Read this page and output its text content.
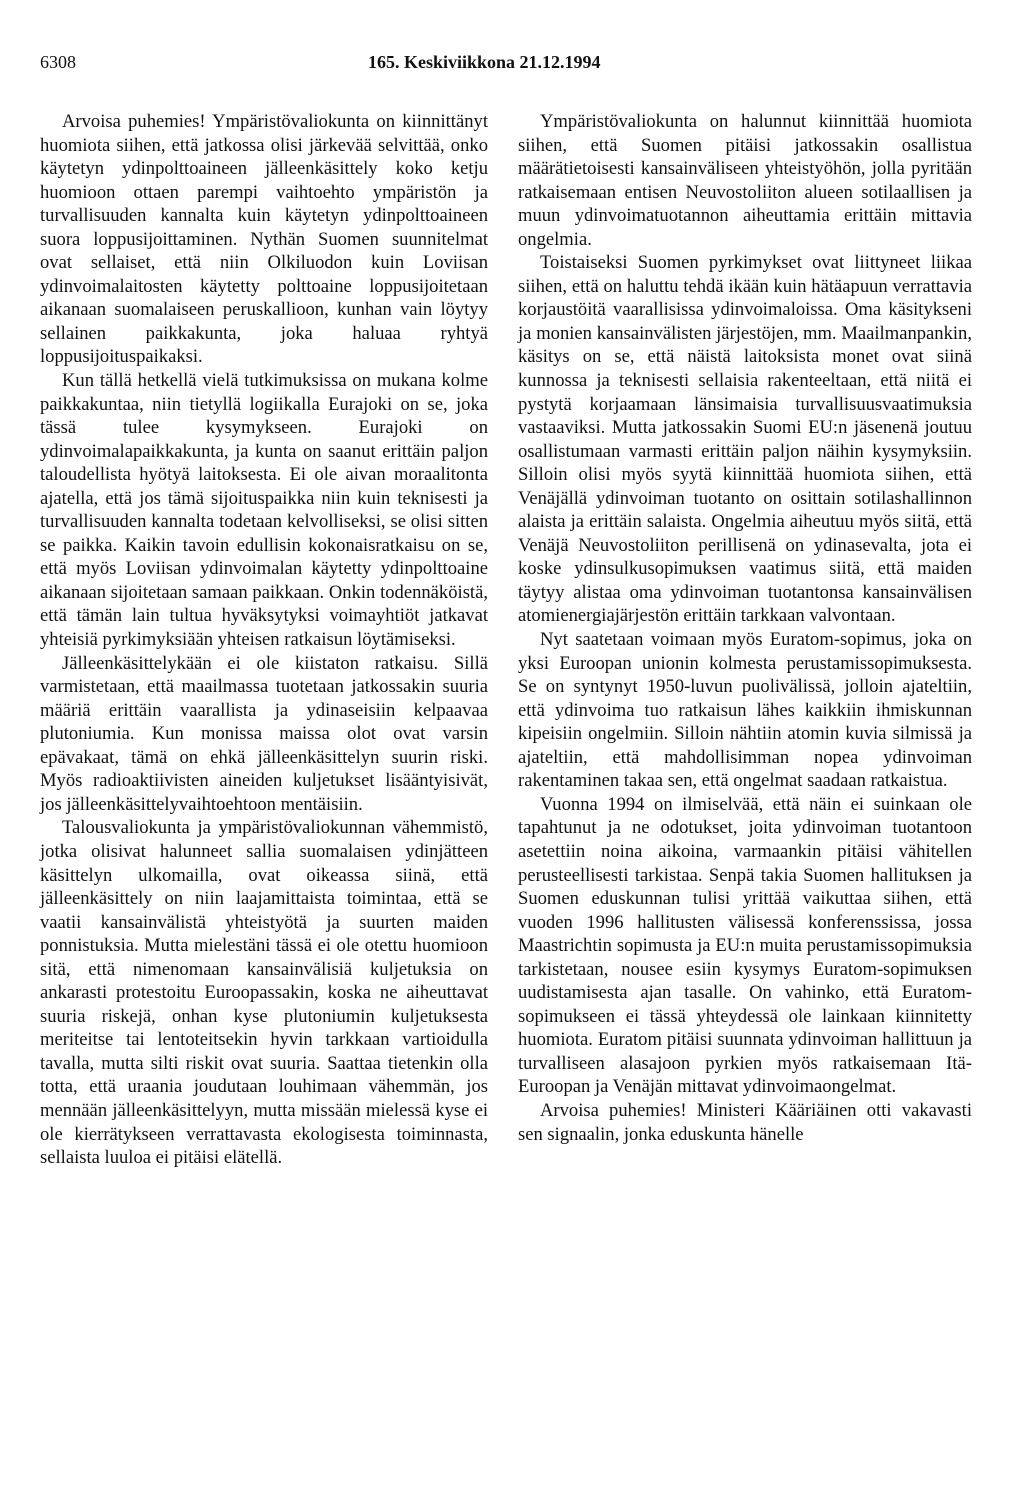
6308	165. Keskiviikkona 21.12.1994

Arvoisa puhemies! Ympäristövaliokunta on kiinnittänyt huomiota siihen, että jatkossa olisi järkevää selvittää, onko käytetyn ydinpolttoaineen jälleenkäsittely koko ketju huomioon ottaen parempi vaihtoehto ympäristön ja turvallisuuden kannalta kuin käytetyn ydinpolttoaineen suora loppusijoittaminen. Nythän Suomen suunnitelmat ovat sellaiset, että niin Olkiluodon kuin Loviisan ydinvoimalaitosten käytetty polttoaine loppusijoitetaan aikanaan suomalaiseen peruskallioon, kunhan vain löytyy sellainen paikkakunta, joka haluaa ryhtyä loppusijoituspaikaksi.

Kun tällä hetkellä vielä tutkimuksissa on mukana kolme paikkakuntaa, niin tietyllä logiikalla Eurajoki on se, joka tässä tulee kysymykseen. Eurajoki on ydinvoimalapaikkakunta, ja kunta on saanut erittäin paljon taloudellista hyötyä laitoksesta. Ei ole aivan moraalitonta ajatella, että jos tämä sijoituspaikka niin kuin teknisesti ja turvallisuuden kannalta todetaan kelvolliseksi, se olisi sitten se paikka. Kaikin tavoin edullisin kokonaisratkaisu on se, että myös Loviisan ydinvoimalan käytetty ydinpolttoaine aikanaan sijoitetaan samaan paikkaan. Onkin todennäköistä, että tämän lain tultua hyväksytyksi voimayhtiöt jatkavat yhteisiä pyrkimyksiään yhteisen ratkaisun löytämiseksi.

Jälleenkäsittelykään ei ole kiistaton ratkaisu. Sillä varmistetaan, että maailmassa tuotetaan jatkossakin suuria määriä erittäin vaarallista ja ydinaseisiin kelpaavaa plutoniumia. Kun monissa maissa olot ovat varsin epävakaat, tämä on ehkä jälleenkäsittelyn suurin riski. Myös radioaktiivisten aineiden kuljetukset lisääntyisivät, jos jälleenkäsittelyvaihtoehtoon mentäisiin.

Talousvaliokunta ja ympäristövaliokunnan vähemmistö, jotka olisivat halunneet sallia suomalaisen ydinjätteen käsittelyn ulkomailla, ovat oikeassa siinä, että jälleenkäsittely on niin laajamittaista toimintaa, että se vaatii kansainvälistä yhteistyötä ja suurten maiden ponnistuksia. Mutta mielestäni tässä ei ole otettu huomioon sitä, että nimenomaan kansainvälisiä kuljetuksia on ankarasti protestoitu Euroopassakin, koska ne aiheuttavat suuria riskejä, onhan kyse plutoniumin kuljetuksesta meriteitse tai lentoteitsekin hyvin tarkkaan vartioidulla tavalla, mutta silti riskit ovat suuria. Saattaa tietenkin olla totta, että uraania joudutaan louhimaan vähemmän, jos mennään jälleenkäsittelyyn, mutta missään mielessä kyse ei ole kierrätykseen verrattavasta ekologisesta toiminnasta, sellaista luuloa ei pitäisi elätellä.

Ympäristövaliokunta on halunnut kiinnittää huomiota siihen, että Suomen pitäisi jatkossakin osallistua määrätietoisesti kansainväliseen yhteistyöhön, jolla pyritään ratkaisemaan entisen Neuvostoliiton alueen sotilaallisen ja muun ydinvoimatuotannon aiheuttamia erittäin mittavia ongelmia.

Toistaiseksi Suomen pyrkimykset ovat liittyneet liikaa siihen, että on haluttu tehdä ikään kuin hätäapuun verrattavia korjaustöitä vaarallisissa ydinvoimaloissa. Oma käsitykseni ja monien kansainvälisten järjestöjen, mm. Maailmanpankin, käsitys on se, että näistä laitoksista monet ovat siinä kunnossa ja teknisesti sellaisia rakenteeltaan, että niitä ei pystytä korjaamaan länsimaisia turvallisuusvaatimuksia vastaaviksi. Mutta jatkossakin Suomi EU:n jäsenenä joutuu osallistumaan varmasti erittäin paljon näihin kysymyksiin. Silloin olisi myös syytä kiinnittää huomiota siihen, että Venäjällä ydinvoiman tuotanto on osittain sotilashallinnon alaista ja erittäin salaista. Ongelmia aiheutuu myös siitä, että Venäjä Neuvostoliiton perillisenä on ydinasevalta, jota ei koske ydinsulkusopimuksen vaatimus siitä, että maiden täytyy alistaa oma ydinvoiman tuotantonsa kansainvälisen atomienergiajärjestön erittäin tarkkaan valvontaan.

Nyt saatetaan voimaan myös Euratom-sopimus, joka on yksi Euroopan unionin kolmesta perustamissopimuksesta. Se on syntynyt 1950-luvun puolivälissä, jolloin ajateltiin, että ydinvoima tuo ratkaisun lähes kaikkiin ihmiskunnan kipeisiin ongelmiin. Silloin nähtiin atomin kuvia silmissä ja ajateltiin, että mahdollisimman nopea ydinvoiman rakentaminen takaa sen, että ongelmat saadaan ratkaistua.

Vuonna 1994 on ilmiselvää, että näin ei suinkaan ole tapahtunut ja ne odotukset, joita ydinvoiman tuotantoon asetettiin noina aikoina, varmaankin pitäisi vähitellen perusteellisesti tarkistaa. Senpä takia Suomen hallituksen ja Suomen eduskunnan tulisi yrittää vaikuttaa siihen, että vuoden 1996 hallitusten välisessä konferenssissa, jossa Maastrichtin sopimusta ja EU:n muita perustamissopimuksia tarkistetaan, nousee esiin kysymys Euratom-sopimuksen uudistamisesta ajan tasalle. On vahinko, että Euratom-sopimukseen ei tässä yhteydessä ole lainkaan kiinnitetty huomiota. Euratom pitäisi suunnata ydinvoiman hallittuun ja turvalliseen alasajoon pyrkien myös ratkaisemaan Itä-Euroopan ja Venäjän mittavat ydinvoimaongelmat.

Arvoisa puhemies! Ministeri Kääriäinen otti vakavasti sen signaalin, jonka eduskunta hänelle
